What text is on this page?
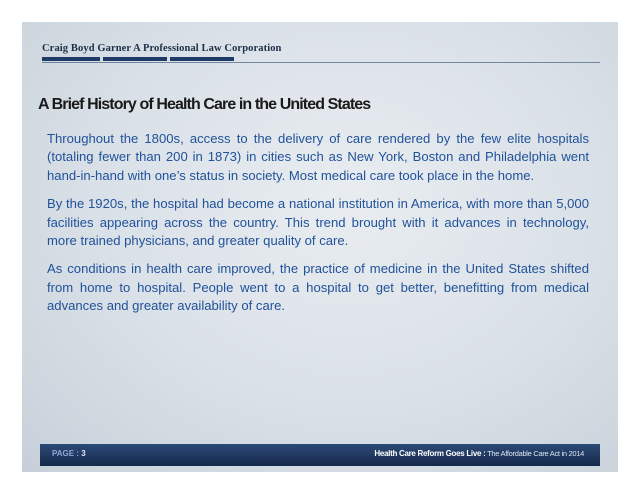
Craig Boyd Garner A Professional Law Corporation
A Brief History of Health Care in the United States

Throughout the 1800s, access to the delivery of care rendered by the few elite hospitals (totaling fewer than 200 in 1873) in cities such as New York, Boston and Philadelphia went hand-in-hand with one’s status in society. Most medical care took place in the home.

By the 1920s, the hospital had become a national institution in America, with more than 5,000 facilities appearing across the country. This trend brought with it advances in technology, more trained physicians, and greater quality of care.

As conditions in health care improved, the practice of medicine in the United States shifted from home to hospital. People went to a hospital to get better, benefitting from medical advances and greater availability of care.

PAGE : 3	Health Care Reform Goes Live : The Affordable Care Act in 2014
